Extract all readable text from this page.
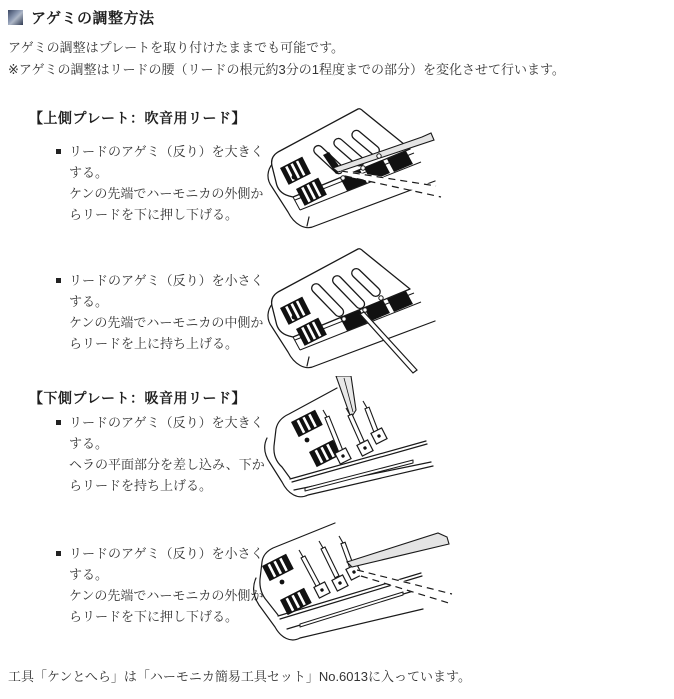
アゲミの調整方法
アゲミの調整はプレートを取り付けたままでも可能です。
※アゲミの調整はリードの腰（リードの根元約3分の1程度までの部分）を変化させて行います。
【上側プレート：吹音用リード】
リードのアゲミ（反り）を大きく
する。
ケンの先端でハーモニカの外側か
らリードを下に押し下げる。
リードのアゲミ（反り）を小さく
する。
ケンの先端でハーモニカの中側か
らリードを上に持ち上げる。
【下側プレート：吸音用リード】
リードのアゲミ（反り）を大きく
する。
ヘラの平面部分を差し込み、下か
らリードを持ち上げる。
リードのアゲミ（反り）を小さく
する。
ケンの先端でハーモニカの外側か
らリードを下に押し下げる。
工具「ケンとへら」は「ハーモニカ簡易工具セット」No.6013に入っています。
